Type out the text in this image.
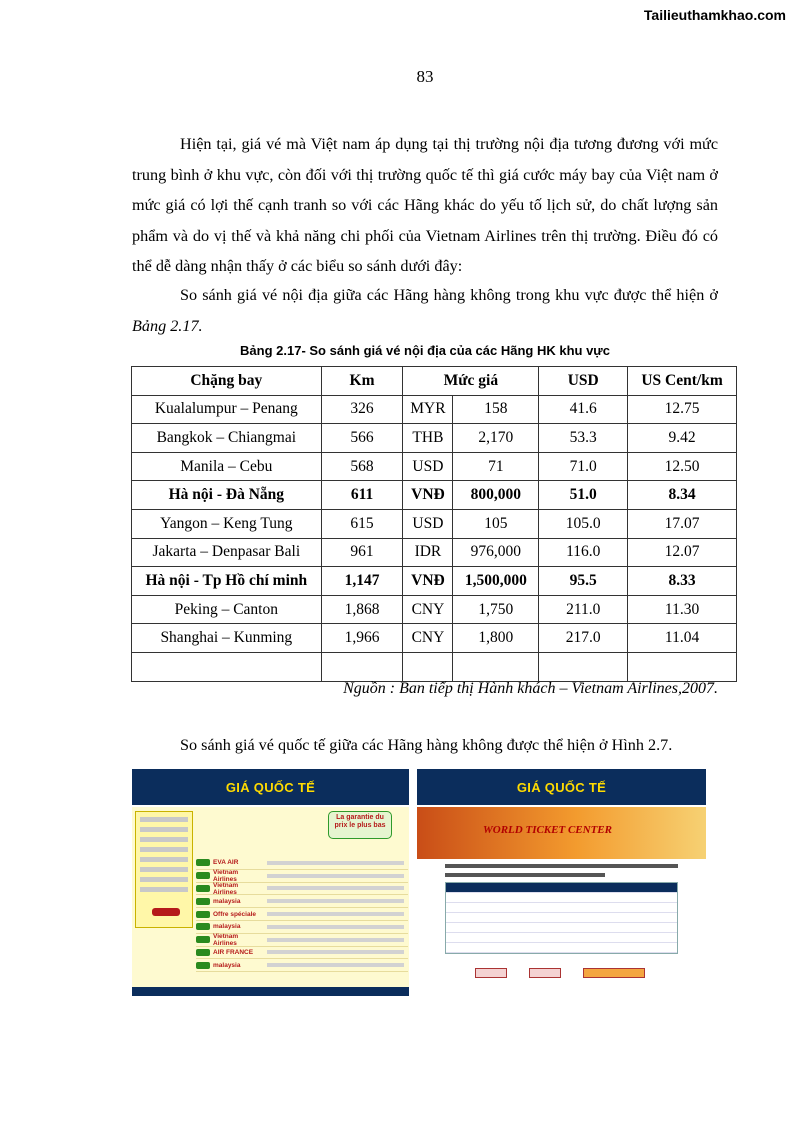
Tailieuthamkhao.com
83

Hiện tại, giá vé mà Việt nam áp dụng tại thị trường nội địa tương đương với mức trung bình ở khu vực, còn đối với thị trường quốc tế thì giá cước máy bay của Việt nam ở mức giá có lợi thế cạnh tranh so với các Hãng khác do yếu tố lịch sử, do chất lượng sản phẩm và do vị thế và khả năng chi phối của Vietnam Airlines trên thị trường. Điều đó có thể dễ dàng nhận thấy ở các biểu so sánh dưới đây:

So sánh giá vé nội địa giữa các Hãng hàng không trong khu vực được thể hiện ở Bảng 2.17.

Bảng 2.17- So sánh giá vé nội địa của các Hãng HK khu vực
Chặng bay	Km	Mức giá		USD	US Cent/km
Kualalumpur – Penang	326	MYR	158	41.6	12.75
Bangkok – Chiangmai	566	THB	2,170	53.3	9.42
Manila – Cebu	568	USD	71	71.0	12.50
Hà nội - Đà Nẵng	611	VNĐ	800,000	51.0	8.34
Yangon – Keng Tung	615	USD	105	105.0	17.07
Jakarta – Denpasar Bali	961	IDR	976,000	116.0	12.07
Hà nội - Tp Hồ chí minh	1,147	VNĐ	1,500,000	95.5	8.33
Peking – Canton	1,868	CNY	1,750	211.0	11.30
Shanghai – Kunming	1,966	CNY	1,800	217.0	11.04

Nguồn : Ban tiếp thị Hành khách – Vietnam Airlines,2007.
So sánh giá vé quốc tế giữa các Hãng hàng không được thể hiện ở Hình 2.7.
GIÁ QUỐC TẾ
La garantie du prix le plus bas
EVA AIR
Vietnam Airlines
Vietnam Airlines
malaysia
Offre spéciale
malaysia
Vietnam Airlines
AIR FRANCE
malaysia
GIÁ QUỐC TẾ
WORLD TICKET CENTER
